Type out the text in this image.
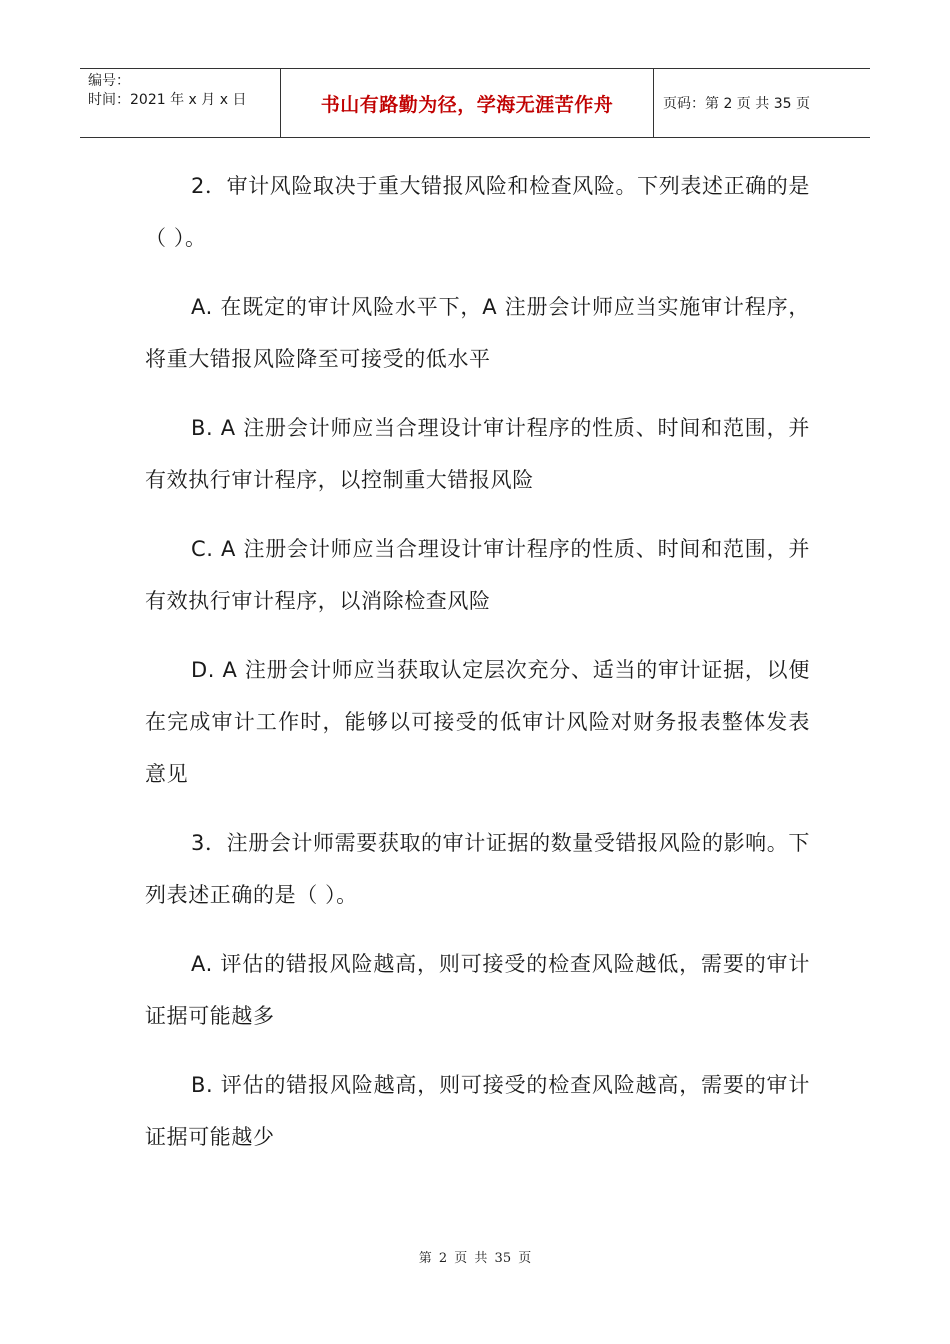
编号：
时间：2021 年 x 月 x 日	书山有路勤为径，学海无涯苦作舟	页码：第 2 页 共 35 页

2．审计风险取决于重大错报风险和检查风险。下列表述正确的是（ ）。

A. 在既定的审计风险水平下，A 注册会计师应当实施审计程序，将重大错报风险降至可接受的低水平

B. A 注册会计师应当合理设计审计程序的性质、时间和范围，并有效执行审计程序，以控制重大错报风险

C. A 注册会计师应当合理设计审计程序的性质、时间和范围，并有效执行审计程序，以消除检查风险

D. A 注册会计师应当获取认定层次充分、适当的审计证据，以便在完成审计工作时，能够以可接受的低审计风险对财务报表整体发表意见

3．注册会计师需要获取的审计证据的数量受错报风险的影响。下列表述正确的是（ ）。

A. 评估的错报风险越高，则可接受的检查风险越低，需要的审计证据可能越多

B. 评估的错报风险越高，则可接受的检查风险越高，需要的审计证据可能越少

第 2 页 共 35 页
